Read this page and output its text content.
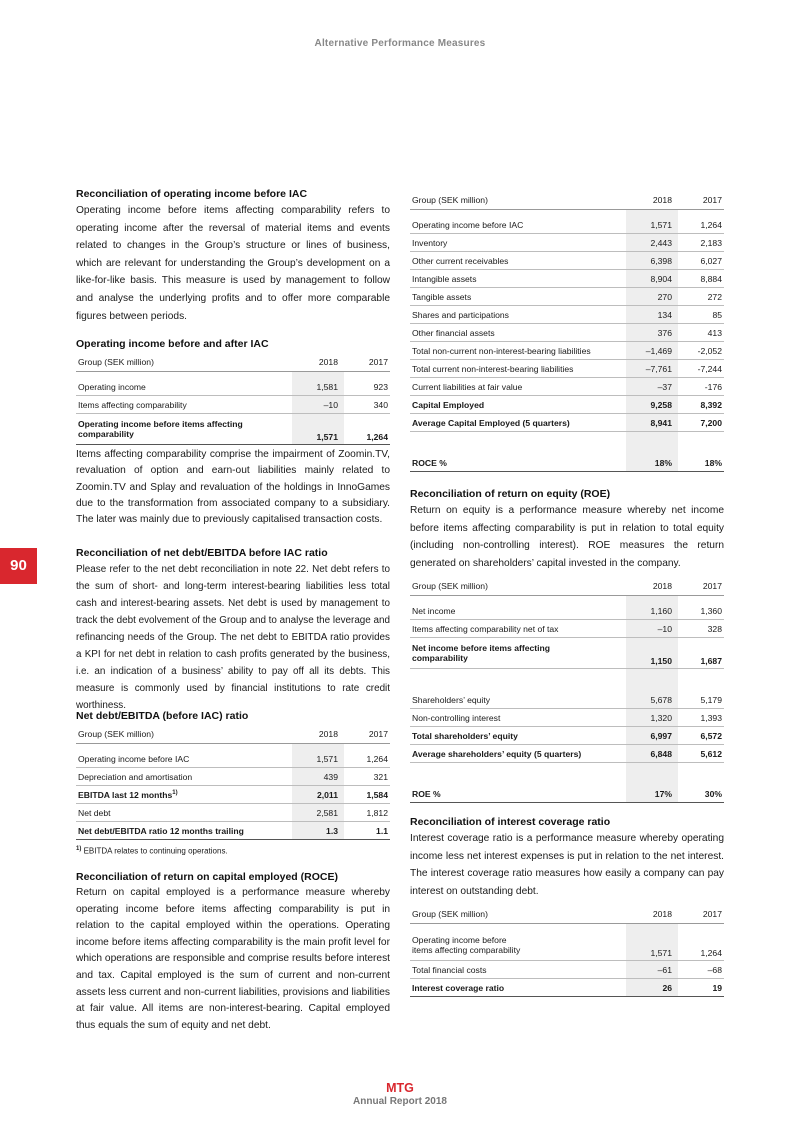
Alternative Performance Measures
90
Reconciliation of operating income before IAC

Operating income before items affecting comparability refers to operating income after the reversal of material items and events related to changes in the Group’s structure or lines of business, which are relevant for understanding the Group’s development on a like-for-like basis. This measure is used by management to follow and analyse the underlying profits and to offer more comparable figures between periods.

Operating income before and after IAC
Group (SEK million)	2018	2017

Operating income	1,581	923
Items affecting comparability	–10	340
Operating income before items affecting comparability	1,571	1,264

Items affecting comparability comprise the impairment of Zoomin.TV, revaluation of option and earn-out liabilities mainly related to Zoomin.TV and Splay and revaluation of the holdings in InnoGames due to the transformation from associated company to a subsidiary. The later was mainly due to previously capitalised transaction costs.

Reconciliation of net debt/EBITDA before IAC ratio

Please refer to the net debt reconciliation in note 22. Net debt refers to the sum of short- and long-term interest-bearing liabilities less total cash and interest-bearing assets. Net debt is used by management to track the debt evolvement of the Group and to analyse the leverage and refinancing needs of the Group. The net debt to EBITDA ratio provides a KPI for net debt in relation to cash profits generated by the business, i.e. an indication of a business’ ability to pay off all its debts. This measure is commonly used by financial institutions to rate credit worthiness.

Net debt/EBITDA (before IAC) ratio
Group (SEK million)	2018	2017

Operating income before IAC	1,571	1,264
Depreciation and amortisation	439	321
EBITDA last 12 months$^{1)}$	2,011	1,584
Net debt	2,581	1,812
Net debt/EBITDA ratio 12 months trailing	1.3	1.1
$^{1)}$ EBITDA relates to continuing operations.
Reconciliation of return on capital employed (ROCE)

Return on capital employed is a performance measure whereby operating income before items affecting comparability is put in relation to the capital employed within the operations. Operating income before items affecting comparability is the main profit level for which operations are responsible and comprise results before interest and tax. Capital employed is the sum of current and non-current assets less current and non-current liabilities, provisions and liabilities at fair value. All items are non-interest-bearing. Capital employed thus equals the sum of equity and net debt.

Group (SEK million)	2018	2017

Operating income before IAC	1,571	1,264
Inventory	2,443	2,183
Other current receivables	6,398	6,027
Intangible assets	8,904	8,884
Tangible assets	270	272
Shares and participations	134	85
Other financial assets	376	413
Total non-current non-interest-bearing liabilities	–1,469	-2,052
Total current non-interest-bearing liabilities	–7,761	-7,244
Current liabilities at fair value	–37	-176
Capital Employed	9,258	8,392
Average Capital Employed (5 quarters)	8,941	7,200

ROCE %	18%	18%
Reconciliation of return on equity (ROE)

Return on equity is a performance measure whereby net income before items affecting comparability is put in relation to total equity (including non-controlling interest). ROE measures the return generated on shareholders’ capital invested in the company.

Group (SEK million)	2018	2017

Net income	1,160	1,360
Items affecting comparability net of tax	–10	328
Net income before items affecting comparability	1,150	1,687

Shareholders’ equity	5,678	5,179
Non-controlling interest	1,320	1,393
Total shareholders’ equity	6,997	6,572
Average shareholders’ equity (5 quarters)	6,848	5,612

ROE %	17%	30%
Reconciliation of interest coverage ratio

Interest coverage ratio is a performance measure whereby operating income less net interest expenses is put in relation to the net interest. The interest coverage ratio measures how easily a company can pay interest on outstanding debt.

Group (SEK million)	2018	2017

Operating income before items affecting comparability	1,571	1,264
Total financial costs	–61	–68
Interest coverage ratio	26	19
MTG
Annual Report 2018
